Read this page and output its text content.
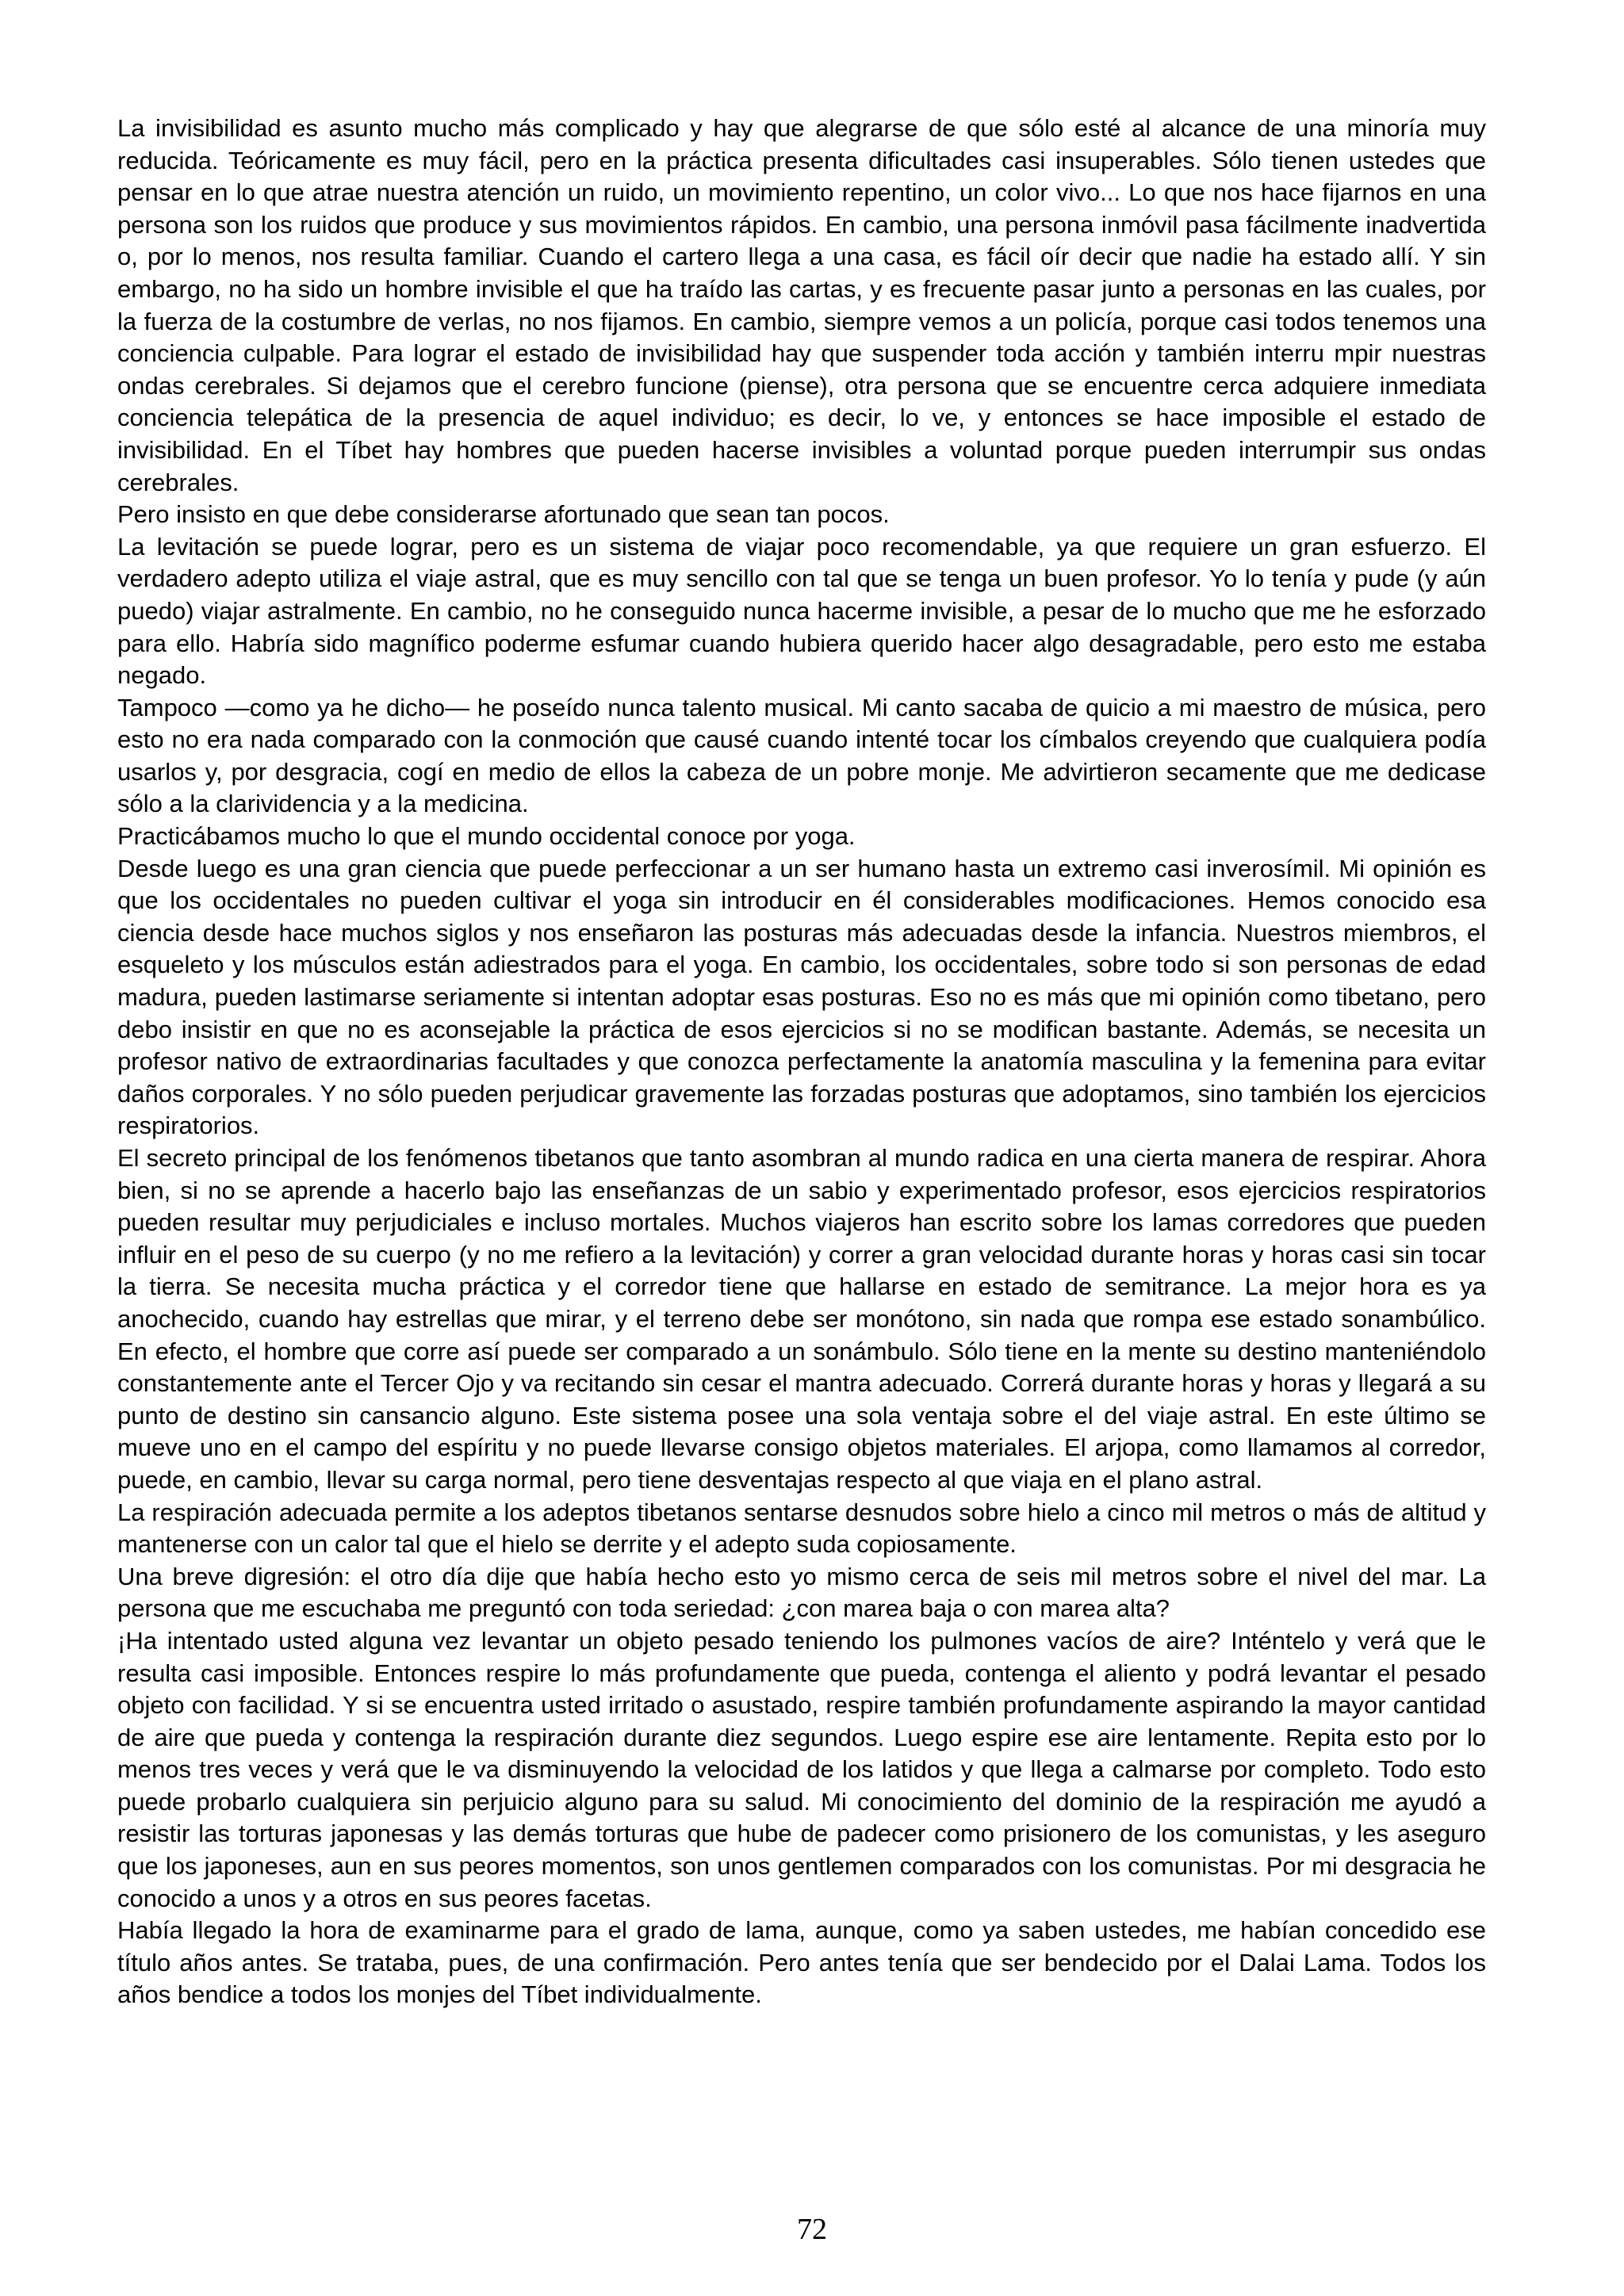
La invisibilidad es asunto mucho más complicado y hay que alegrarse de que sólo esté al alcance de una minoría muy reducida. Teóricamente es muy fácil, pero en la práctica presenta dificultades casi insuperables. Sólo tienen ustedes que pensar en lo que atrae nuestra atención un ruido, un movimiento repentino, un color vivo... Lo que nos hace fijarnos en una persona son los ruidos que produce y sus movimientos rápidos. En cambio, una persona inmóvil pasa fácilmente inadvertida o, por lo menos, nos resulta familiar. Cuando el cartero llega a una casa, es fácil oír decir que nadie ha estado allí. Y sin embargo, no ha sido un hombre invisible el que ha traído las cartas, y es frecuente pasar junto a personas en las cuales, por la fuerza de la costumbre de verlas, no nos fijamos. En cambio, siempre vemos a un policía, porque casi todos tenemos una conciencia culpable. Para lograr el estado de invisibilidad hay que suspender toda acción y también interru mpir nuestras ondas cerebrales. Si dejamos que el cerebro funcione (piense), otra persona que se encuentre cerca adquiere inmediata conciencia telepática de la presencia de aquel individuo; es decir, lo ve, y entonces se hace imposible el estado de invisibilidad. En el Tíbet hay hombres que pueden hacerse invisibles a voluntad porque pueden interrumpir sus ondas cerebrales.

Pero insisto en que debe considerarse afortunado que sean tan pocos.

La levitación se puede lograr, pero es un sistema de viajar poco recomendable, ya que requiere un gran esfuerzo. El verdadero adepto utiliza el viaje astral, que es muy sencillo con tal que se tenga un buen profesor. Yo lo tenía y pude (y aún puedo) viajar astralmente. En cambio, no he conseguido nunca hacerme invisible, a pesar de lo mucho que me he esforzado para ello. Habría sido magnífico poderme esfumar cuando hubiera querido hacer algo desagradable, pero esto me estaba negado.

Tampoco —como ya he dicho— he poseído nunca talento musical. Mi canto sacaba de quicio a mi maestro de música, pero esto no era nada comparado con la conmoción que causé cuando intenté tocar los címbalos creyendo que cualquiera podía usarlos y, por desgracia, cogí en medio de ellos la cabeza de un pobre monje. Me advirtieron secamente que me dedicase sólo a la clarividencia y a la medicina.

Practicábamos mucho lo que el mundo occidental conoce por yoga.

Desde luego es una gran ciencia que puede perfeccionar a un ser humano hasta un extremo casi inverosímil. Mi opinión es que los occidentales no pueden cultivar el yoga sin introducir en él considerables modificaciones. Hemos conocido esa ciencia desde hace muchos siglos y nos enseñaron las posturas más adecuadas desde la infancia. Nuestros miembros, el esqueleto y los músculos están adiestrados para el yoga. En cambio, los occidentales, sobre todo si son personas de edad madura, pueden lastimarse seriamente si intentan adoptar esas posturas. Eso no es más que mi opinión como tibetano, pero debo insistir en que no es aconsejable la práctica de esos ejercicios si no se modifican bastante. Además, se necesita un profesor nativo de extraordinarias facultades y que conozca perfectamente la anatomía masculina y la femenina para evitar daños corporales. Y no sólo pueden perjudicar gravemente las forzadas posturas que adoptamos, sino también los ejercicios respiratorios.

El secreto principal de los fenómenos tibetanos que tanto asombran al mundo radica en una cierta manera de respirar. Ahora bien, si no se aprende a hacerlo bajo las enseñanzas de un sabio y experimentado profesor, esos ejercicios respiratorios pueden resultar muy perjudiciales e incluso mortales. Muchos viajeros han escrito sobre los lamas corredores que pueden influir en el peso de su cuerpo (y no me refiero a la levitación) y correr a gran velocidad durante horas y horas casi sin tocar la tierra. Se necesita mucha práctica y el corredor tiene que hallarse en estado de semitrance. La mejor hora es ya anochecido, cuando hay estrellas que mirar, y el terreno debe ser monótono, sin nada que rompa ese estado sonambúlico. En efecto, el hombre que corre así puede ser comparado a un sonámbulo. Sólo tiene en la mente su destino manteniéndolo constantemente ante el Tercer Ojo y va recitando sin cesar el mantra adecuado. Correrá durante horas y horas y llegará a su punto de destino sin cansancio alguno. Este sistema posee una sola ventaja sobre el del viaje astral. En este último se mueve uno en el campo del espíritu y no puede llevarse consigo objetos materiales. El arjopa, como llamamos al corredor, puede, en cambio, llevar su carga normal, pero tiene desventajas respecto al que viaja en el plano astral.

La respiración adecuada permite a los adeptos tibetanos sentarse desnudos sobre hielo a cinco mil metros o más de altitud y mantenerse con un calor tal que el hielo se derrite y el adepto suda copiosamente.

Una breve digresión: el otro día dije que había hecho esto yo mismo cerca de seis mil metros sobre el nivel del mar. La persona que me escuchaba me preguntó con toda seriedad: ¿con marea baja o con marea alta?

¡Ha intentado usted alguna vez levantar un objeto pesado teniendo los pulmones vacíos de aire? Inténtelo y verá que le resulta casi imposible. Entonces respire lo más profundamente que pueda, contenga el aliento y podrá levantar el pesado objeto con facilidad. Y si se encuentra usted irritado o asustado, respire también profundamente aspirando la mayor cantidad de aire que pueda y contenga la respiración durante diez segundos. Luego espire ese aire lentamente. Repita esto por lo menos tres veces y verá que le va disminuyendo la velocidad de los latidos y que llega a calmarse por completo. Todo esto puede probarlo cualquiera sin perjuicio alguno para su salud. Mi conocimiento del dominio de la respiración me ayudó a resistir las torturas japonesas y las demás torturas que hube de padecer como prisionero de los comunistas, y les aseguro que los japoneses, aun en sus peores momentos, son unos gentlemen comparados con los comunistas. Por mi desgracia he conocido a unos y a otros en sus peores facetas.

Había llegado la hora de examinarme para el grado de lama, aunque, como ya saben ustedes, me habían concedido ese título años antes. Se trataba, pues, de una confirmación. Pero antes tenía que ser bendecido por el Dalai Lama. Todos los años bendice a todos los monjes del Tíbet individualmente.

72
